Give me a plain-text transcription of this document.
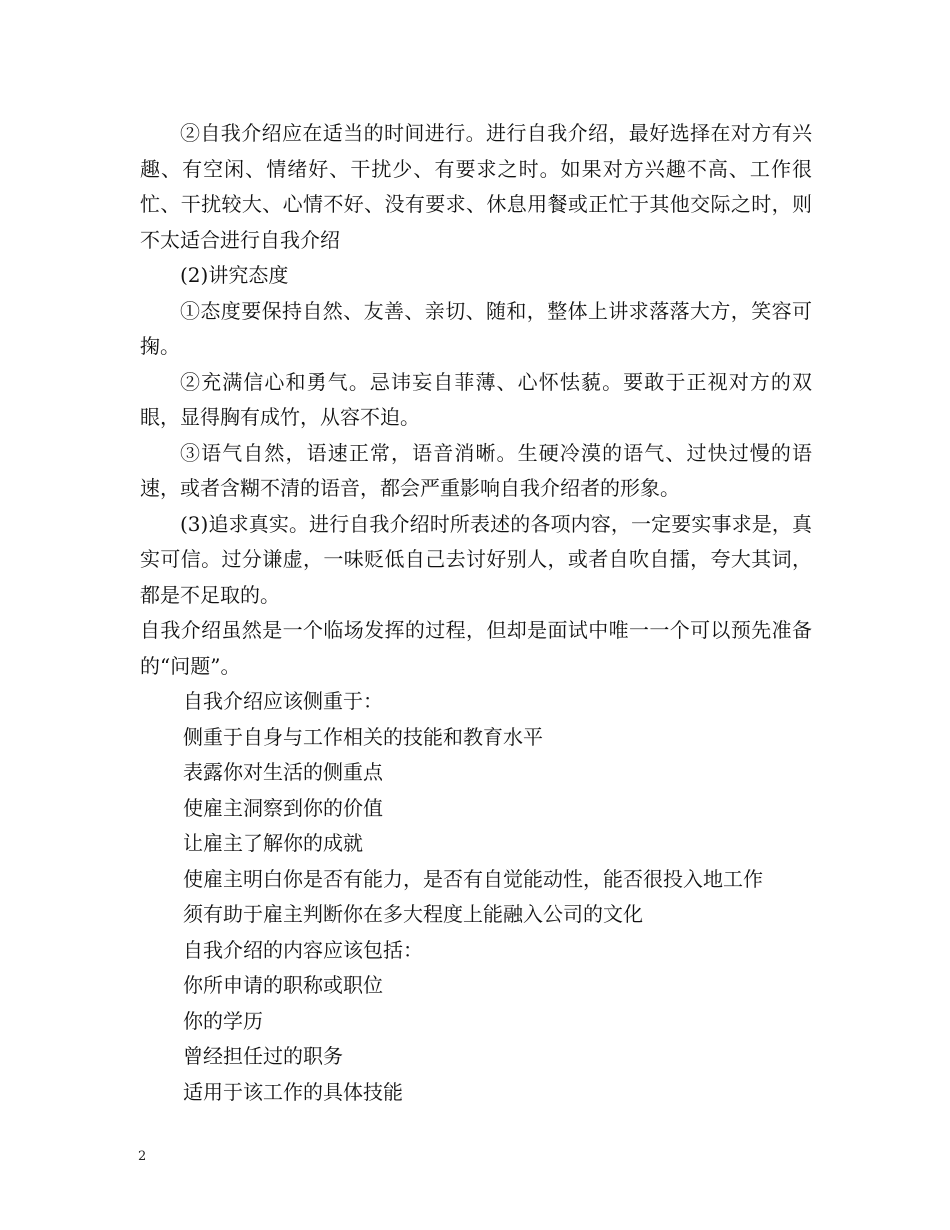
②自我介绍应在适当的时间进行。进行自我介绍，最好选择在对方有兴趣、有空闲、情绪好、干扰少、有要求之时。如果对方兴趣不高、工作很忙、干扰较大、心情不好、没有要求、休息用餐或正忙于其他交际之时，则不太适合进行自我介绍

(2)讲究态度

①态度要保持自然、友善、亲切、随和，整体上讲求落落大方，笑容可掬。

②充满信心和勇气。忌讳妄自菲薄、心怀怯藐。要敢于正视对方的双眼，显得胸有成竹，从容不迫。

③语气自然，语速正常，语音消晰。生硬冷漠的语气、过快过慢的语速，或者含糊不清的语音，都会严重影响自我介绍者的形象。

(3)追求真实。进行自我介绍时所表述的各项内容，一定要实事求是，真实可信。过分谦虚，一味贬低自己去讨好别人，或者自吹自擂，夸大其词，都是不足取的。

自我介绍虽然是一个临场发挥的过程，但却是面试中唯一一个可以预先准备的“问题”。

自我介绍应该侧重于：

侧重于自身与工作相关的技能和教育水平

表露你对生活的侧重点

使雇主洞察到你的价值

让雇主了解你的成就

使雇主明白你是否有能力，是否有自觉能动性，能否很投入地工作

须有助于雇主判断你在多大程度上能融入公司的文化

自我介绍的内容应该包括：

你所申请的职称或职位

你的学历

曾经担任过的职务

适用于该工作的具体技能

2
